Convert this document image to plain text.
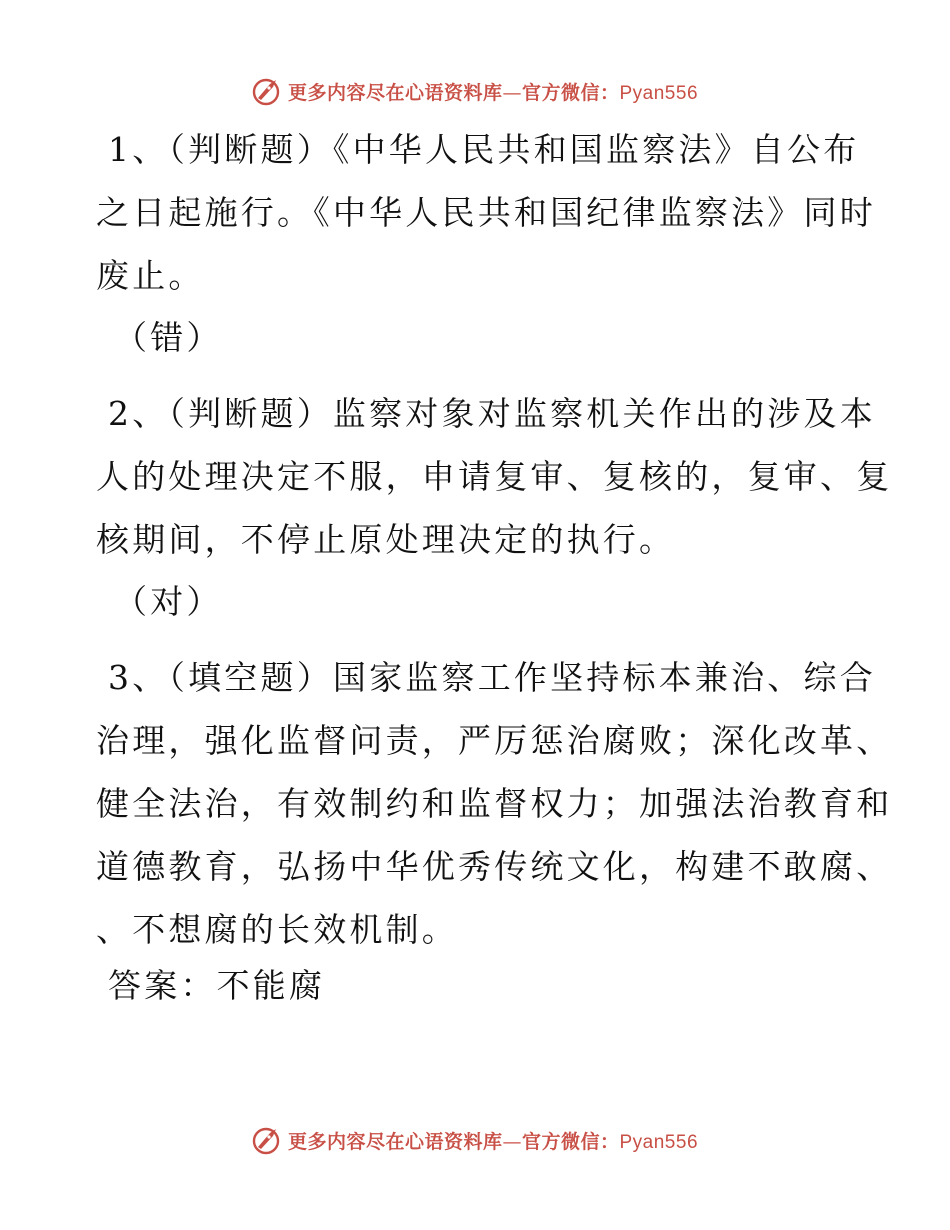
更多内容尽在心语资料库—官方微信：Pyan556

1、（判断题）《中华人民共和国监察法》自公布
之日起施行。《中华人民共和国纪律监察法》同时
废止。

（错）

2、（判断题）监察对象对监察机关作出的涉及本
人的处理决定不服，申请复审、复核的，复审、复
核期间，不停止原处理决定的执行。

（对）

3、（填空题）国家监察工作坚持标本兼治、综合
治理，强化监督问责，严厉惩治腐败；深化改革、
健全法治，有效制约和监督权力；加强法治教育和
道德教育，弘扬中华优秀传统文化，构建不敢腐、
、不想腐的长效机制。

答案：不能腐

更多内容尽在心语资料库—官方微信：Pyan556
